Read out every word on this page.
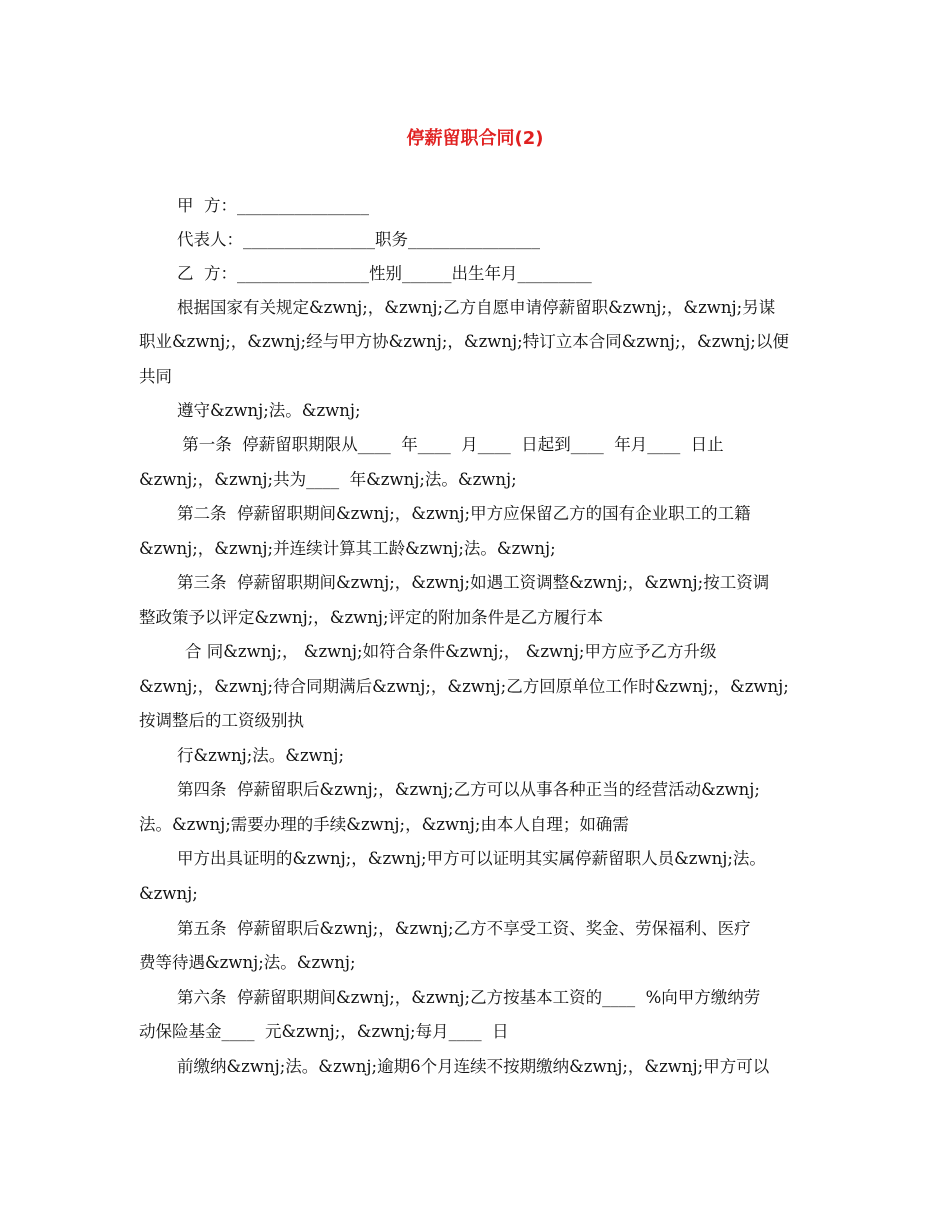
停薪留职合同(2)
甲  方：________________
代表人：________________职务________________
乙  方：________________性别______出生年月_________
根据国家有关规定&zwnj;，&zwnj;乙方自愿申请停薪留职&zwnj;，&zwnj;另谋
职业&zwnj;，&zwnj;经与甲方协&zwnj;，&zwnj;特订立本合同&zwnj;，&zwnj;以便
共同
遵守&zwnj;法。&zwnj;
第一条  停薪留职期限从____  年____  月____  日起到____  年月____  日止
&zwnj;，&zwnj;共为____  年&zwnj;法。&zwnj;
第二条  停薪留职期间&zwnj;，&zwnj;甲方应保留乙方的国有企业职工的工籍
&zwnj;，&zwnj;并连续计算其工龄&zwnj;法。&zwnj;
第三条  停薪留职期间&zwnj;，&zwnj;如遇工资调整&zwnj;，&zwnj;按工资调
整政策予以评定&zwnj;，&zwnj;评定的附加条件是乙方履行本
合 同&zwnj;， &zwnj;如符合条件&zwnj;， &zwnj;甲方应予乙方升级
&zwnj;，&zwnj;待合同期满后&zwnj;，&zwnj;乙方回原单位工作时&zwnj;，&zwnj;
按调整后的工资级别执
行&zwnj;法。&zwnj;
第四条  停薪留职后&zwnj;，&zwnj;乙方可以从事各种正当的经营活动&zwnj;
法。&zwnj;需要办理的手续&zwnj;，&zwnj;由本人自理；如确需
甲方出具证明的&zwnj;，&zwnj;甲方可以证明其实属停薪留职人员&zwnj;法。
&zwnj;
第五条  停薪留职后&zwnj;，&zwnj;乙方不享受工资、奖金、劳保福利、医疗
费等待遇&zwnj;法。&zwnj;
第六条  停薪留职期间&zwnj;，&zwnj;乙方按基本工资的____  %向甲方缴纳劳
动保险基金____  元&zwnj;，&zwnj;每月____  日
前缴纳&zwnj;法。&zwnj;逾期6个月连续不按期缴纳&zwnj;，&zwnj;甲方可以
